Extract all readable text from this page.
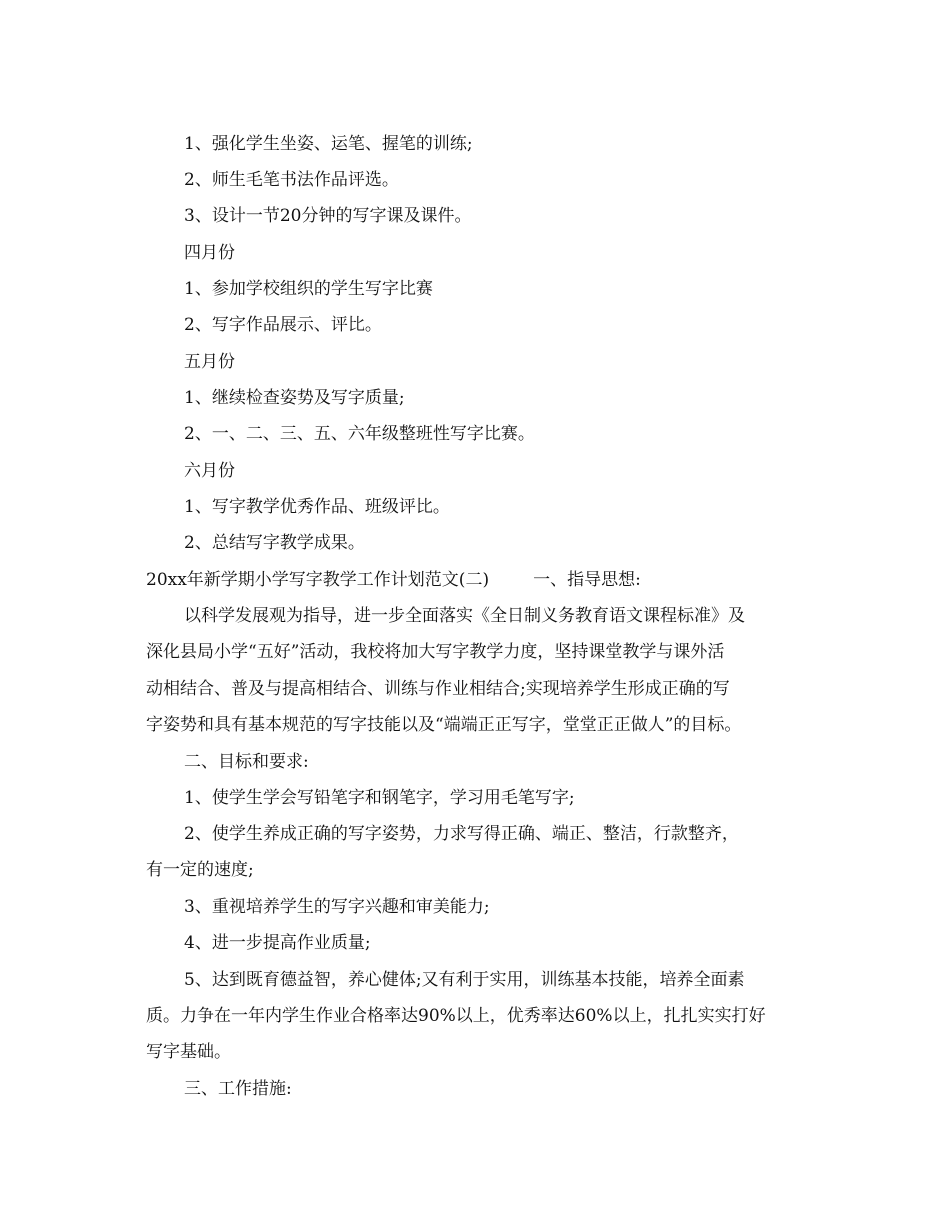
1、强化学生坐姿、运笔、握笔的训练;
2、师生毛笔书法作品评选。
3、设计一节20分钟的写字课及课件。
四月份
1、参加学校组织的学生写字比赛
2、写字作品展示、评比。
五月份
1、继续检查姿势及写字质量;
2、一、二、三、五、六年级整班性写字比赛。
六月份
1、写字教学优秀作品、班级评比。
2、总结写字教学成果。
20xx年新学期小学写字教学工作计划范文(二)	一、指导思想:
以科学发展观为指导，进一步全面落实《全日制义务教育语文课程标准》及
深化县局小学“五好”活动，我校将加大写字教学力度，坚持课堂教学与课外活
动相结合、普及与提高相结合、训练与作业相结合;实现培养学生形成正确的写
字姿势和具有基本规范的写字技能以及“端端正正写字，堂堂正正做人”的目标。
二、目标和要求:
1、使学生学会写铅笔字和钢笔字，学习用毛笔写字;
2、使学生养成正确的写字姿势，力求写得正确、端正、整洁，行款整齐，
有一定的速度;
3、重视培养学生的写字兴趣和审美能力;
4、进一步提高作业质量;
5、达到既育德益智，养心健体;又有利于实用，训练基本技能，培养全面素
质。力争在一年内学生作业合格率达90%以上，优秀率达60%以上，扎扎实实打好
写字基础。
三、工作措施:
